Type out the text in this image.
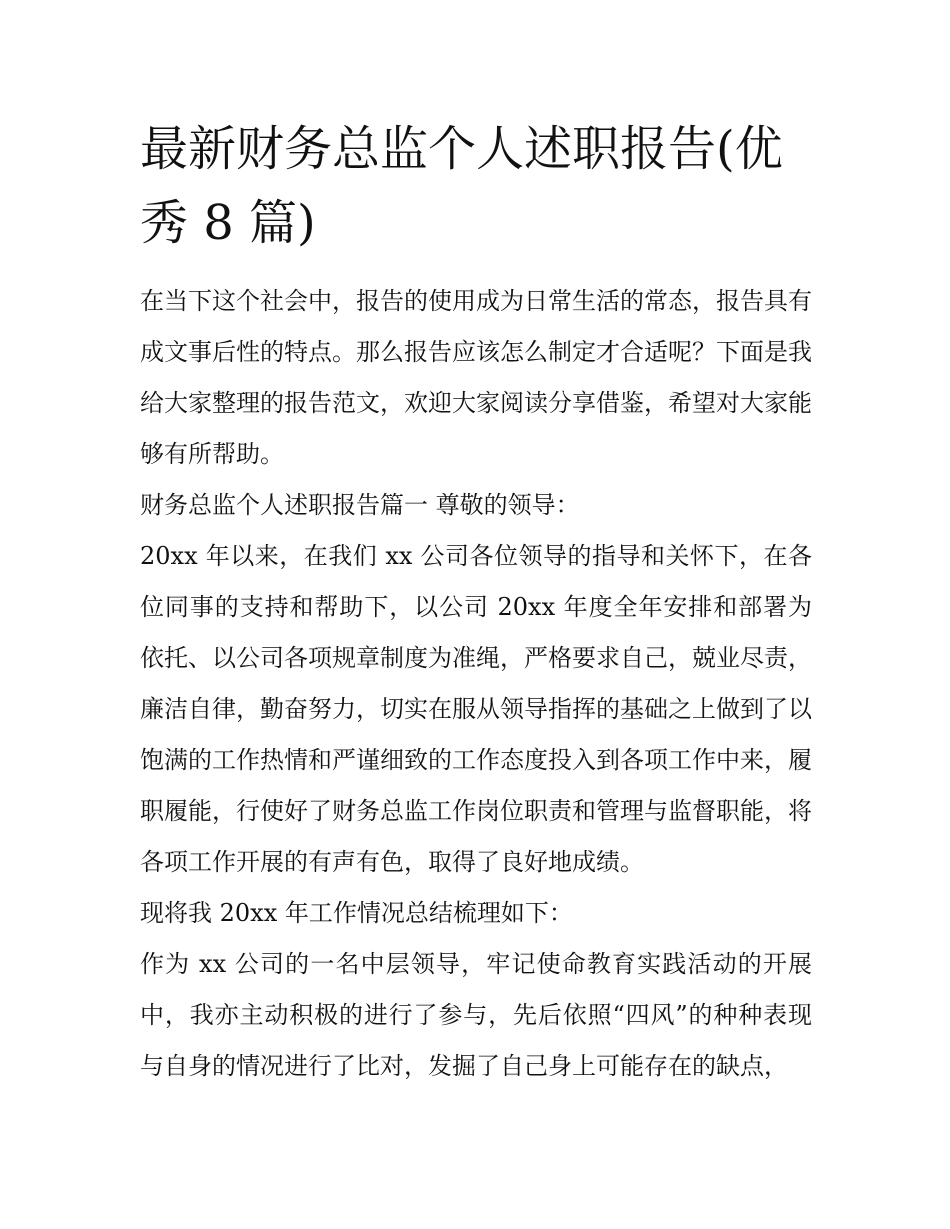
最新财务总监个人述职报告(优秀 8 篇)

在当下这个社会中，报告的使用成为日常生活的常态，报告具有成文事后性的特点。那么报告应该怎么制定才合适呢？下面是我给大家整理的报告范文，欢迎大家阅读分享借鉴，希望对大家能够有所帮助。

财务总监个人述职报告篇一 尊敬的领导：

20xx 年以来，在我们 xx 公司各位领导的指导和关怀下，在各位同事的支持和帮助下，以公司 20xx 年度全年安排和部署为依托、以公司各项规章制度为准绳，严格要求自己，兢业尽责，廉洁自律，勤奋努力，切实在服从领导指挥的基础之上做到了以饱满的工作热情和严谨细致的工作态度投入到各项工作中来，履职履能，行使好了财务总监工作岗位职责和管理与监督职能，将各项工作开展的有声有色，取得了良好地成绩。

现将我 20xx 年工作情况总结梳理如下：

作为 xx 公司的一名中层领导，牢记使命教育实践活动的开展中，我亦主动积极的进行了参与，先后依照“四风”的种种表现与自身的情况进行了比对，发掘了自己身上可能存在的缺点，
